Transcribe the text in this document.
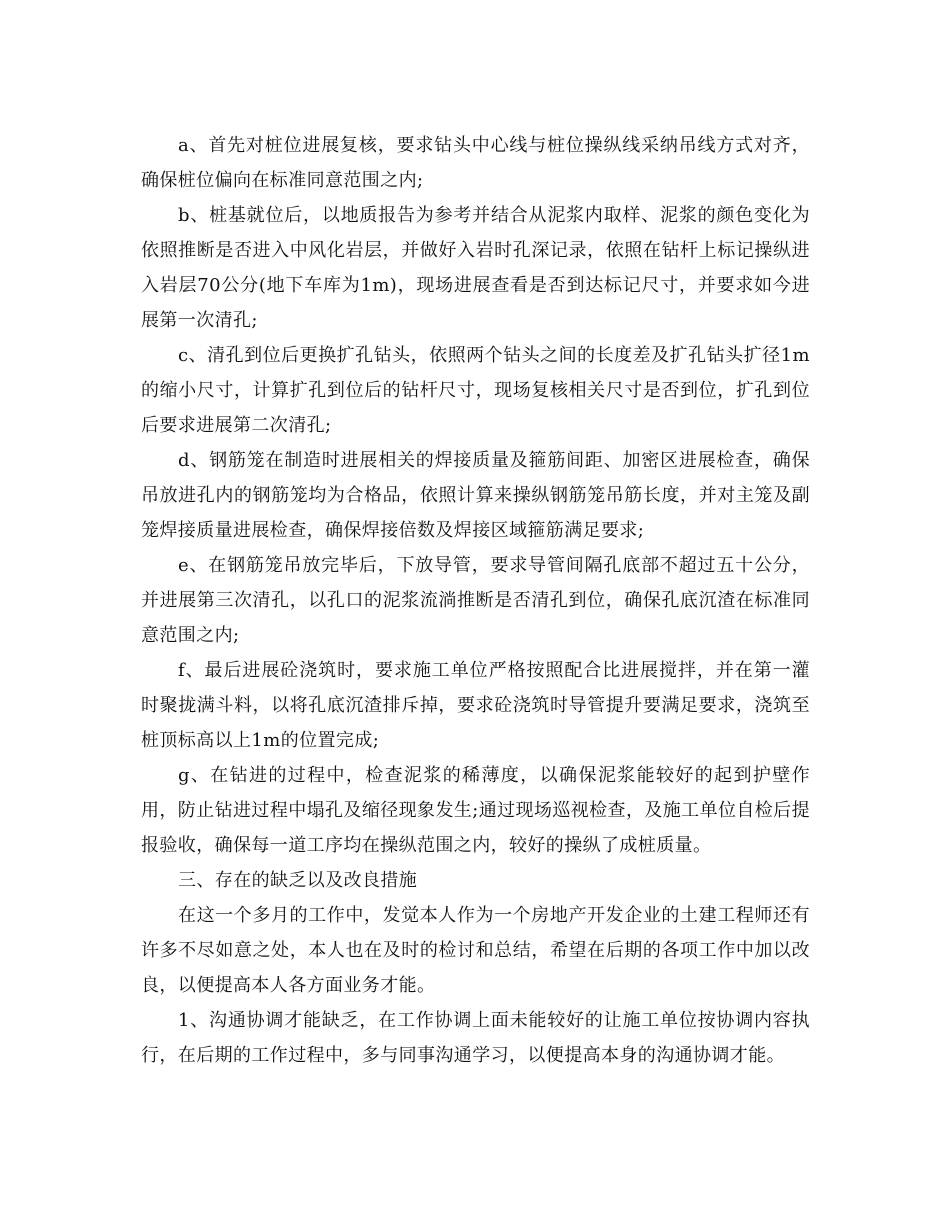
a、首先对桩位进展复核，要求钻头中心线与桩位操纵线采纳吊线方式对齐，确保桩位偏向在标准同意范围之内;

b、桩基就位后，以地质报告为参考并结合从泥浆内取样、泥浆的颜色变化为依照推断是否进入中风化岩层，并做好入岩时孔深记录，依照在钻杆上标记操纵进入岩层70公分(地下车库为1m)，现场进展查看是否到达标记尺寸，并要求如今进展第一次清孔;

c、清孔到位后更换扩孔钻头，依照两个钻头之间的长度差及扩孔钻头扩径1m的缩小尺寸，计算扩孔到位后的钻杆尺寸，现场复核相关尺寸是否到位，扩孔到位后要求进展第二次清孔;

d、钢筋笼在制造时进展相关的焊接质量及箍筋间距、加密区进展检查，确保吊放进孔内的钢筋笼均为合格品，依照计算来操纵钢筋笼吊筋长度，并对主笼及副笼焊接质量进展检查，确保焊接倍数及焊接区域箍筋满足要求;

e、在钢筋笼吊放完毕后，下放导管，要求导管间隔孔底部不超过五十公分，并进展第三次清孔，以孔口的泥浆流淌推断是否清孔到位，确保孔底沉渣在标准同意范围之内;

f、最后进展砼浇筑时，要求施工单位严格按照配合比进展搅拌，并在第一灌时聚拢满斗料，以将孔底沉渣排斥掉，要求砼浇筑时导管提升要满足要求，浇筑至桩顶标高以上1m的位置完成;

g、在钻进的过程中，检查泥浆的稀薄度，以确保泥浆能较好的起到护壁作用，防止钻进过程中塌孔及缩径现象发生;通过现场巡视检查，及施工单位自检后提报验收，确保每一道工序均在操纵范围之内，较好的操纵了成桩质量。

三、存在的缺乏以及改良措施

在这一个多月的工作中，发觉本人作为一个房地产开发企业的土建工程师还有许多不尽如意之处，本人也在及时的检讨和总结，希望在后期的各项工作中加以改良，以便提高本人各方面业务才能。

1、沟通协调才能缺乏，在工作协调上面未能较好的让施工单位按协调内容执行，在后期的工作过程中，多与同事沟通学习，以便提高本身的沟通协调才能。
